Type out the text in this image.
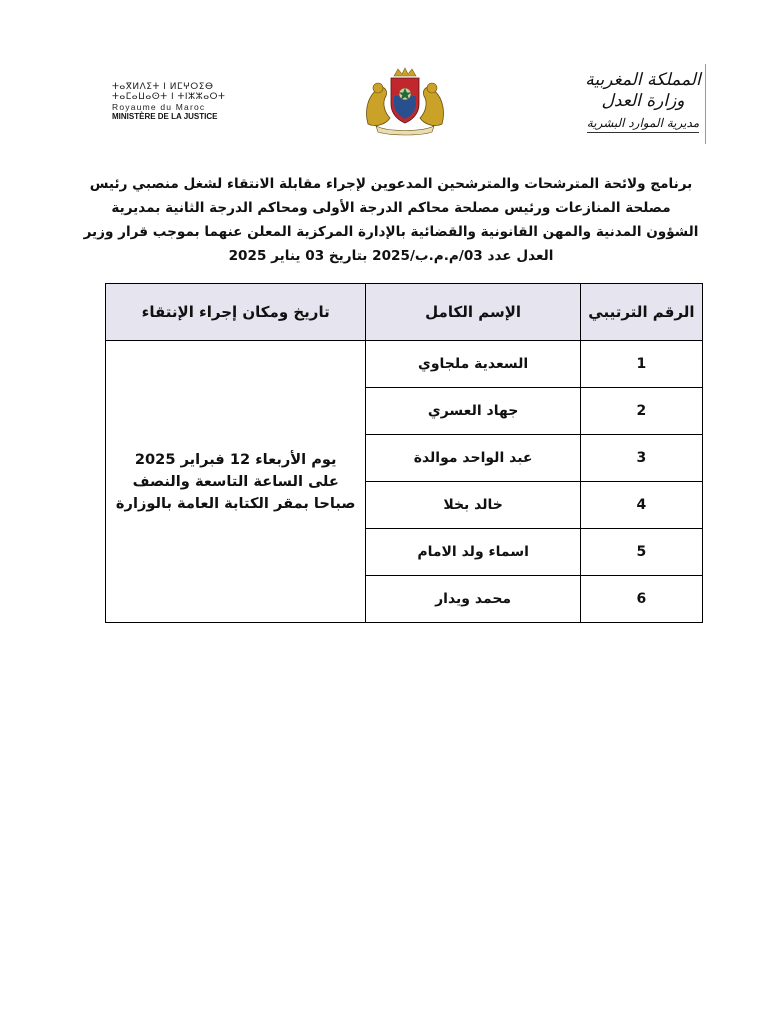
ⵜⴰⴳⵍⴷⵉⵜ ⵏ ⵍⵎⵖⵔⵉⴱ
ⵜⴰⵎⴰⵡⴰⵙⵜ ⵏ ⵜⵏⵣⵣⴰⵔⵜ
Royaume du Maroc
MINISTÈRE DE LA JUSTICE
المملكة المغربية
وزارة العدل
مديرية الموارد البشرية
برنامج ولائحة المترشحات والمترشحين المدعوين لإجراء مقابلة الانتقاء لشغل منصبي رئيس
مصلحة المنازعات ورئيس مصلحة محاكم الدرجة الأولى ومحاكم الدرجة الثانية بمديرية
الشؤون المدنية والمهن القانونية والقضائية بالإدارة المركزية المعلن عنهما بموجب قرار وزير
العدل عدد 03/م.م.ب/2025 بتاريخ 03 يناير 2025
الرقم الترتيبي	الإسم الكامل	تاريخ ومكان إجراء الإنتقاء
1	السعدية ملجاوي	يوم الأربعاء 12 فبراير 2025
على الساعة التاسعة والنصف
صباحا بمقر الكتابة العامة بالوزارة

2	جهاد العسري	
3	عبد الواحد موالدة	
4	خالد بخلا	
5	اسماء ولد الامام	
6	محمد ويدار	
